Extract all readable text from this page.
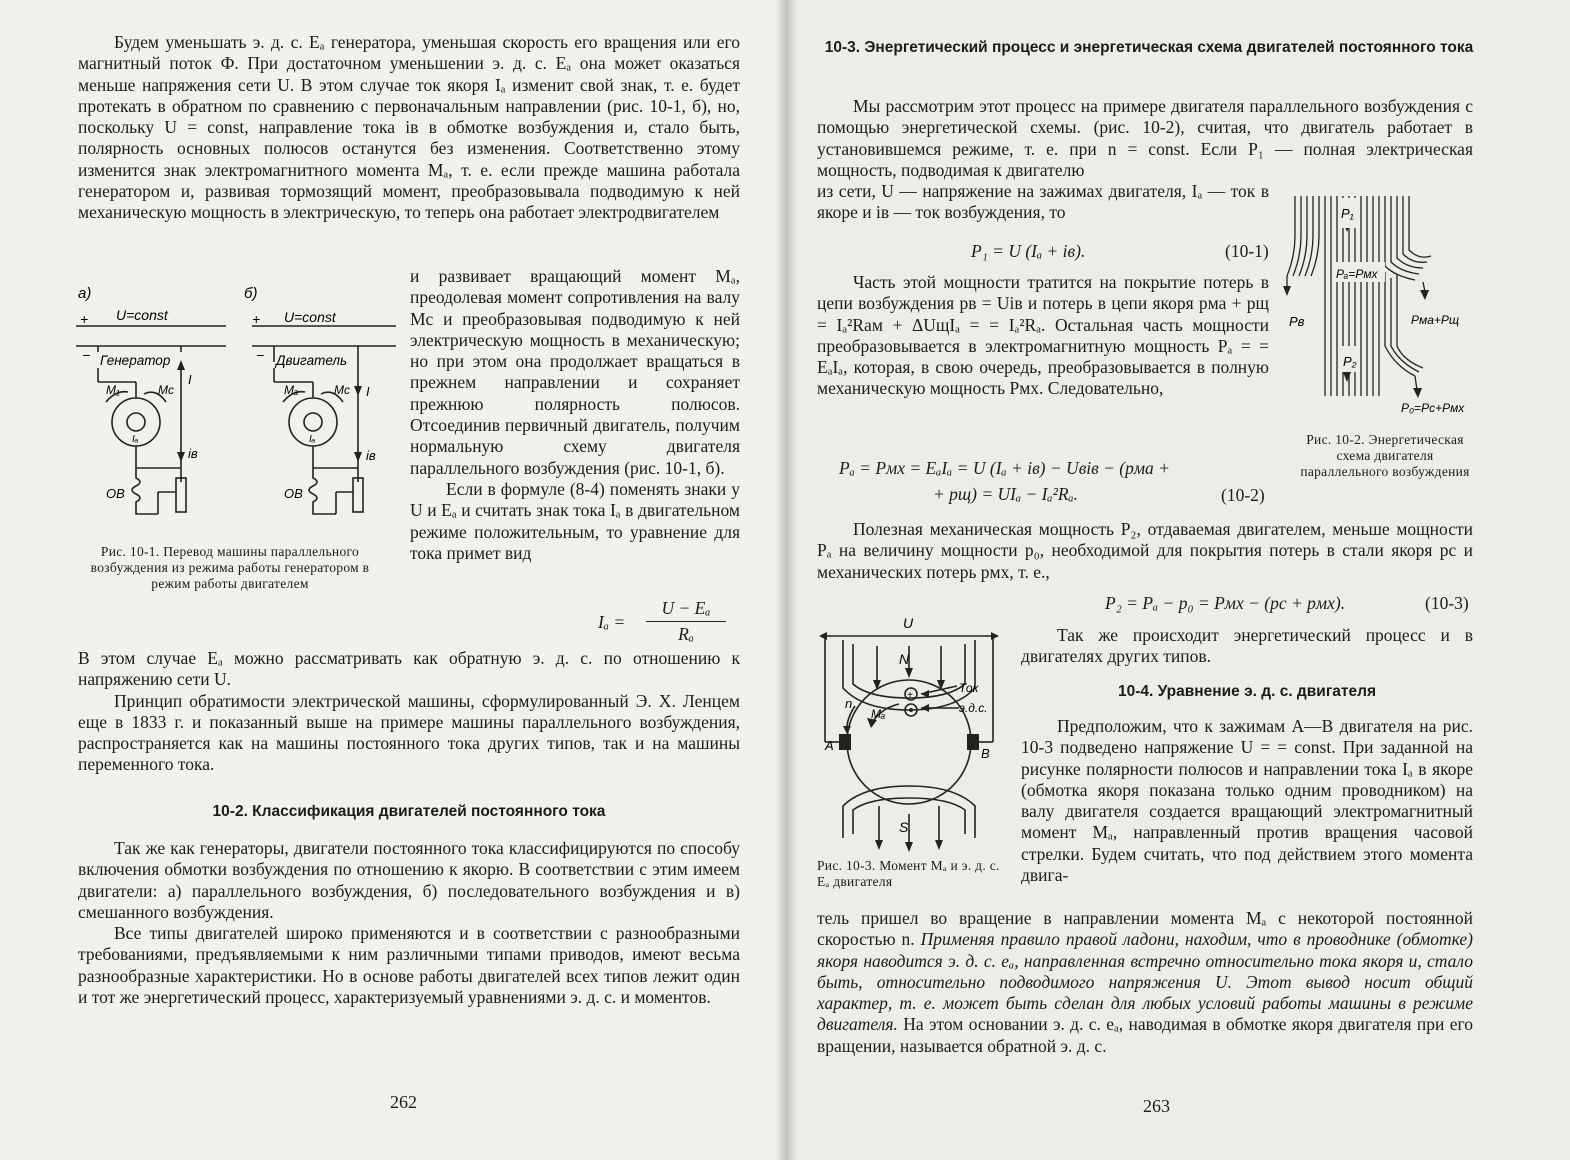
Будем уменьшать э. д. с. Eₐ генератора, уменьшая скорость его вращения или его магнитный поток Ф. При достаточном уменьшении э. д. с. Eₐ она может оказаться меньше напряжения сети U. В этом случае ток якоря Iₐ изменит свой знак, т. е. будет протекать в обратном по сравнению с первоначальным направлении (рис. 10-1, б), но, поскольку U = const, направление тока iв в обмотке возбуждения и, стало быть, полярность основных полюсов останутся без изменения. Соответственно этому изменится знак электромагнитного момента Mₐ, т. е. если прежде машина работала генератором и, развивая тормозящий момент, преобразовывала подводимую к ней механическую мощность в электрическую, то теперь она работает электродвигателем

а)	б)
U=const	U=const
+	+
−	−
Генератор	Двигатель
M₁	Mс	Mₐ	Mс
I
I
Iₐ	Iₐ
iв	iв
ОВ	ОВ
Рис. 10-1. Перевод машины параллельного возбуждения из режима работы генератором в режим работы двигателем

и развивает вращающий момент Mₐ, преодолевая момент сопротивления на валу Mс и преобразовывая подводимую к ней электрическую мощность в механическую; но при этом она продолжает вращаться в прежнем направлении и сохраняет прежнюю полярность полюсов. Отсоединив первичный двигатель, получим нормальную схему двигателя параллельного возбуждения (рис. 10-1, б).

Если в формуле (8-4) поменять знаки у U и Eₐ и считать знак тока Iₐ в двигательном режиме положительным, то уравнение для тока примет вид

Iₐ =
U − Eₐ
Rₐ

В этом случае Eₐ можно рассматривать как обратную э. д. с. по отношению к напряжению сети U.

Принцип обратимости электрической машины, сформулированный Э. Х. Ленцем еще в 1833 г. и показанный выше на примере машины параллельного возбуждения, распространяется как на машины постоянного тока других типов, так и на машины переменного тока.

10-2. Классификация двигателей постоянного тока

Так же как генераторы, двигатели постоянного тока классифицируются по способу включения обмотки возбуждения по отношению к якорю. В соответствии с этим имеем двигатели: а) параллельного возбуждения, б) последовательного возбуждения и в) смешанного возбуждения.

Все типы двигателей широко применяются и в соответствии с разнообразными требованиями, предъявляемыми к ним различными типами приводов, имеют весьма разнообразные характеристики. Но в основе работы двигателей всех типов лежит один и тот же энергетический процесс, характеризуемый уравнениями э. д. с. и моментов.

262
10-3. Энергетический процесс и энергетическая схема двигателей постоянного тока

Мы рассмотрим этот процесс на примере двигателя параллельного возбуждения с помощью энергетической схемы. (рис. 10-2), считая, что двигатель работает в установившемся режиме, т. е. при n = const. Если P₁ — полная электрическая мощность, подводимая к двигателю

из сети, U — напряжение на зажимах двигателя, Iₐ — ток в якоре и iв — ток возбуждения, то

P₁ = U (Iₐ + iв).	(10-1)

Часть этой мощности тратится на покрытие потерь в цепи возбуждения pв = Uiв и потерь в цепи якоря pма + pщ = Iₐ²Rам + ΔUщIₐ = = Iₐ²Rₐ. Остальная часть мощности преобразовывается в электромагнитную мощность Pₐ = = EₐIₐ, которая, в свою очередь, преобразовывается в полную механическую мощность Pмх. Следовательно,

Pₐ = Pмх = EₐIₐ = U (Iₐ + iв) − Uвiв − (pма +
+ pщ) = UIₐ − Iₐ²Rₐ.	(10-2)
P₁
Pₐ=Pмх
Pв	Pма+Pщ
P₂
P₀=Pс+Pмх
Рис. 10-2. Энергетическая схема двигателя параллельного возбуждения

Полезная механическая мощность P₂, отдаваемая двигателем, меньше мощности Pₐ на величину мощности p₀, необходимой для покрытия потерь в стали якоря pс и механических потерь pмх, т. е.,

P₂ = Pₐ − p₀ = Pмх − (pс + pмх).	(10-3)
+
U
N
S
n
Mₐ
Ток
э.д.с.
A
B
Рис. 10-3. Момент Mₐ и э. д. с. Eₐ двигателя

Так же происходит энергетический процесс и в двигателях других типов.

10-4. Уравнение э. д. с. двигателя

Предположим, что к зажимам A—B двигателя на рис. 10-3 подведено напряжение U = = const. При заданной на рисунке полярности полюсов и направлении тока Iₐ в якоре (обмотка якоря показана только одним проводником) на валу двигателя создается вращающий электромагнитный момент Mₐ, направленный против вращения часовой стрелки. Будем считать, что под действием этого момента двига-

тель пришел во вращение в направлении момента Mₐ с некоторой постоянной скоростью n. Применяя правило правой ладони, находим, что в проводнике (обмотке) якоря наводится э. д. с. eₐ, направленная встречно относительно тока якоря и, стало быть, относительно подводимого напряжения U. Этот вывод носит общий характер, т. е. может быть сделан для любых условий работы машины в режиме двигателя. На этом основании э. д. с. eₐ, наводимая в обмотке якоря двигателя при его вращении, называется обратной э. д. с.

263
